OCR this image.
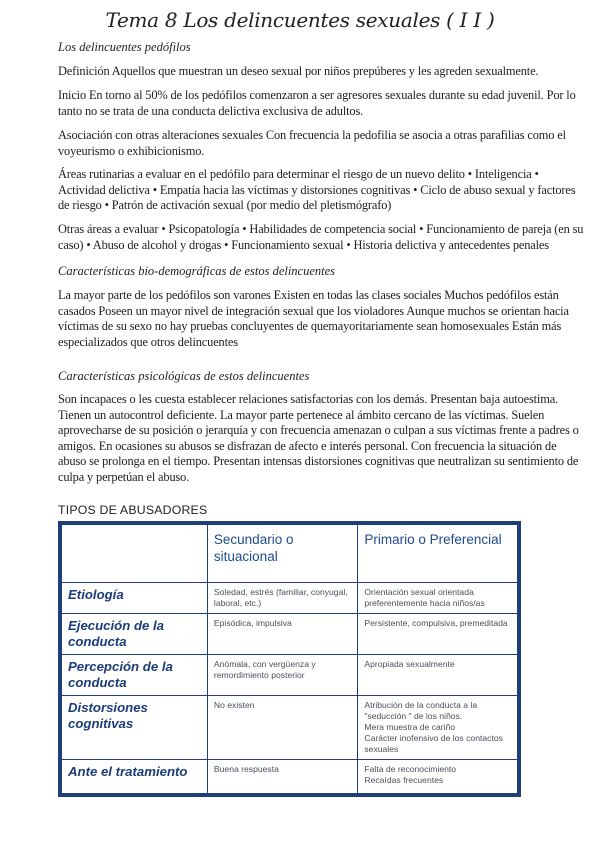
Tema 8 Los delincuentes sexuales ( I I )
Los delincuentes pedófilos
Definición Aquellos que muestran un deseo sexual por niños prepúberes y les agreden sexualmente.
Inicio En torno al 50% de los pedófilos comenzaron a ser agresores sexuales durante su edad juvenil. Por lo tanto no se trata de una conducta delictiva exclusiva de adultos.
Asociación con otras alteraciones sexuales Con frecuencia la pedofilia se asocia a otras parafilias como el voyeurismo o exhibicionismo.
Áreas rutinarias a evaluar en el pedófilo para determinar el riesgo de un nuevo delito • Inteligencia • Actividad delictiva • Empatía hacia las víctimas y distorsiones cognitivas • Ciclo de abuso sexual y factores de riesgo • Patrón de activación sexual (por medio del pletismógrafo)
Otras áreas a evaluar • Psicopatología • Habilidades de competencia social • Funcionamiento de pareja (en su caso) • Abuso de alcohol y drogas • Funcionamiento sexual • Historia delictiva y antecedentes penales
Características bio-demográficas de estos delincuentes
La mayor parte de los pedófilos son varones Existen en todas las clases sociales Muchos pedófilos están casados Poseen un mayor nivel de integración sexual que los violadores Aunque muchos se orientan hacia víctimas de su sexo no hay pruebas concluyentes de quemayoritariamente sean homosexuales Están más especializados que otros delincuentes
Características psicológicas de estos delincuentes
Son incapaces o les cuesta establecer relaciones satisfactorias con los demás. Presentan baja autoestima. Tienen un autocontrol deficiente. La mayor parte pertenece al ámbito cercano de las víctimas. Suelen aprovecharse de su posición o jerarquía y con frecuencia amenazan o culpan a sus víctimas frente a padres o amigos. En ocasiones su abusos se disfrazan de afecto e interés personal. Con frecuencia la situación de abuso se prolonga en el tiempo. Presentan intensas distorsiones cognitivas que neutralizan su sentimiento de culpa y perpetúan el abuso.
TIPOS DE ABUSADORES
	Secundario o situacional	Primario o Preferencial
Etiología	Soledad, estrés (familiar, conyugal, laboral, etc.)	Orientación sexual orientada preferentemente hacia niños/as

Ejecución de la conducta	Episódica, impulsiva	Persistente, compulsiva, premeditada

Percepción de la conducta	Anómala, con vergüenza y remordimiento posterior	Apropiada sexualmente

Distorsiones cognitivas	No existen	Atribución de la conducta a la "seducción " de los niños.
Mera muestra de cariño
Carácter inofensivo de los contactos sexuales

Ante el tratamiento	Buena respuesta	Falta de reconocimiento
Recaídas frecuentes
